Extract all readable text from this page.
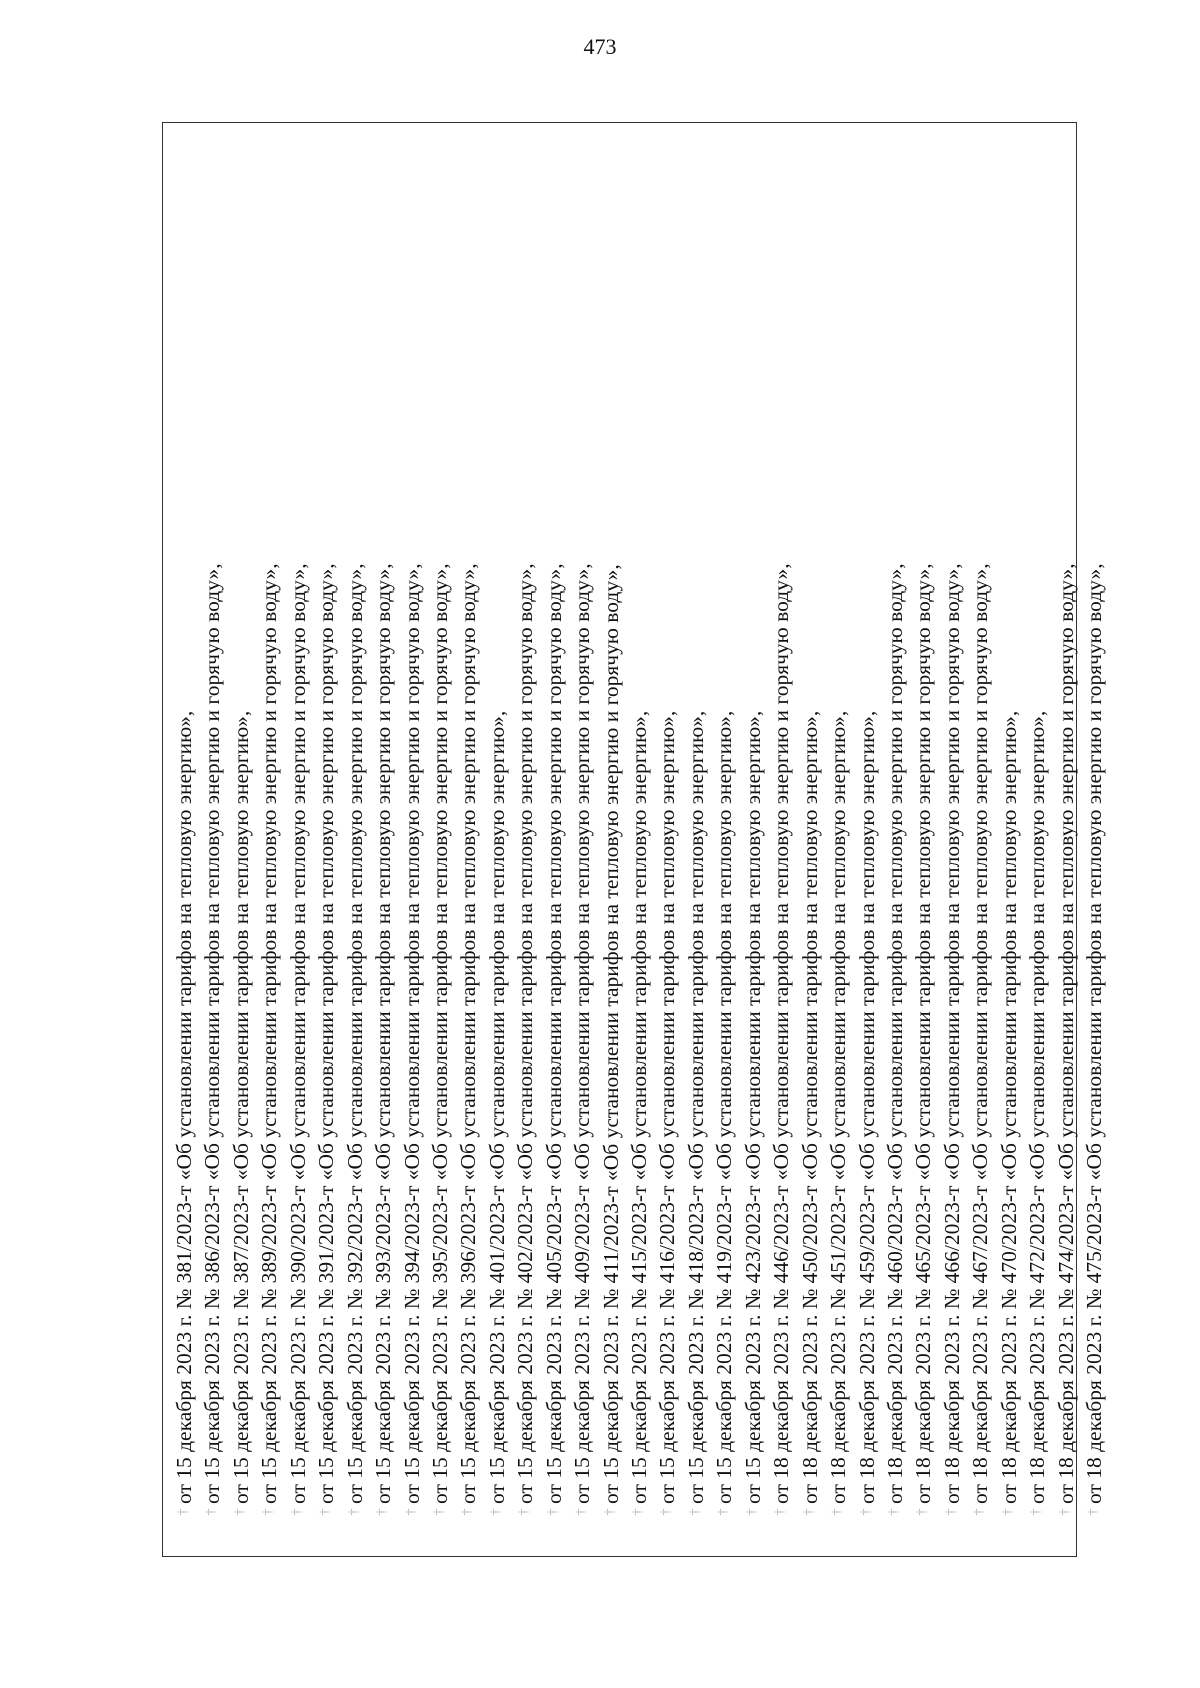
473
†
от 15 декабря 2023 г. № 381/2023-т «Об установлении тарифов на тепловую энергию»,
†
от 15 декабря 2023 г. № 386/2023-т «Об установлении тарифов на тепловую энергию и горячую воду»,
†
от 15 декабря 2023 г. № 387/2023-т «Об установлении тарифов на тепловую энергию»,
†
от 15 декабря 2023 г. № 389/2023-т «Об установлении тарифов на тепловую энергию и горячую воду»,
†
от 15 декабря 2023 г. № 390/2023-т «Об установлении тарифов на тепловую энергию и горячую воду»,
†
от 15 декабря 2023 г. № 391/2023-т «Об установлении тарифов на тепловую энергию и горячую воду»,
†
от 15 декабря 2023 г. № 392/2023-т «Об установлении тарифов на тепловую энергию и горячую воду»,
†
от 15 декабря 2023 г. № 393/2023-т «Об установлении тарифов на тепловую энергию и горячую воду»,
†
от 15 декабря 2023 г. № 394/2023-т «Об установлении тарифов на тепловую энергию и горячую воду»,
†
от 15 декабря 2023 г. № 395/2023-т «Об установлении тарифов на тепловую энергию и горячую воду»,
†
от 15 декабря 2023 г. № 396/2023-т «Об установлении тарифов на тепловую энергию и горячую воду»,
†
от 15 декабря 2023 г. № 401/2023-т «Об установлении тарифов на тепловую энергию»,
†
от 15 декабря 2023 г. № 402/2023-т «Об установлении тарифов на тепловую энергию и горячую воду»,
†
от 15 декабря 2023 г. № 405/2023-т «Об установлении тарифов на тепловую энергию и горячую воду»,
†
от 15 декабря 2023 г. № 409/2023-т «Об установлении тарифов на тепловую энергию и горячую воду»,
†
от 15 декабря 2023 г. № 411/2023-т «Об установлении тарифов на тепловую энергию и горячую воду»,
†
от 15 декабря 2023 г. № 415/2023-т «Об установлении тарифов на тепловую энергию»,
†
от 15 декабря 2023 г. № 416/2023-т «Об установлении тарифов на тепловую энергию»,
†
от 15 декабря 2023 г. № 418/2023-т «Об установлении тарифов на тепловую энергию»,
†
от 15 декабря 2023 г. № 419/2023-т «Об установлении тарифов на тепловую энергию»,
†
от 15 декабря 2023 г. № 423/2023-т «Об установлении тарифов на тепловую энергию»,
†
от 18 декабря 2023 г. № 446/2023-т «Об установлении тарифов на тепловую энергию и горячую воду»,
†
от 18 декабря 2023 г. № 450/2023-т «Об установлении тарифов на тепловую энергию»,
†
от 18 декабря 2023 г. № 451/2023-т «Об установлении тарифов на тепловую энергию»,
†
от 18 декабря 2023 г. № 459/2023-т «Об установлении тарифов на тепловую энергию»,
†
от 18 декабря 2023 г. № 460/2023-т «Об установлении тарифов на тепловую энергию и горячую воду»,
†
от 18 декабря 2023 г. № 465/2023-т «Об установлении тарифов на тепловую энергию и горячую воду»,
†
от 18 декабря 2023 г. № 466/2023-т «Об установлении тарифов на тепловую энергию и горячую воду»,
†
от 18 декабря 2023 г. № 467/2023-т «Об установлении тарифов на тепловую энергию и горячую воду»,
†
от 18 декабря 2023 г. № 470/2023-т «Об установлении тарифов на тепловую энергию»,
†
от 18 декабря 2023 г. № 472/2023-т «Об установлении тарифов на тепловую энергию»,
†
от 18 декабря 2023 г. № 474/2023-т «Об установлении тарифов на тепловую энергию и горячую воду»,
†
от 18 декабря 2023 г. № 475/2023-т «Об установлении тарифов на тепловую энергию и горячую воду»,
